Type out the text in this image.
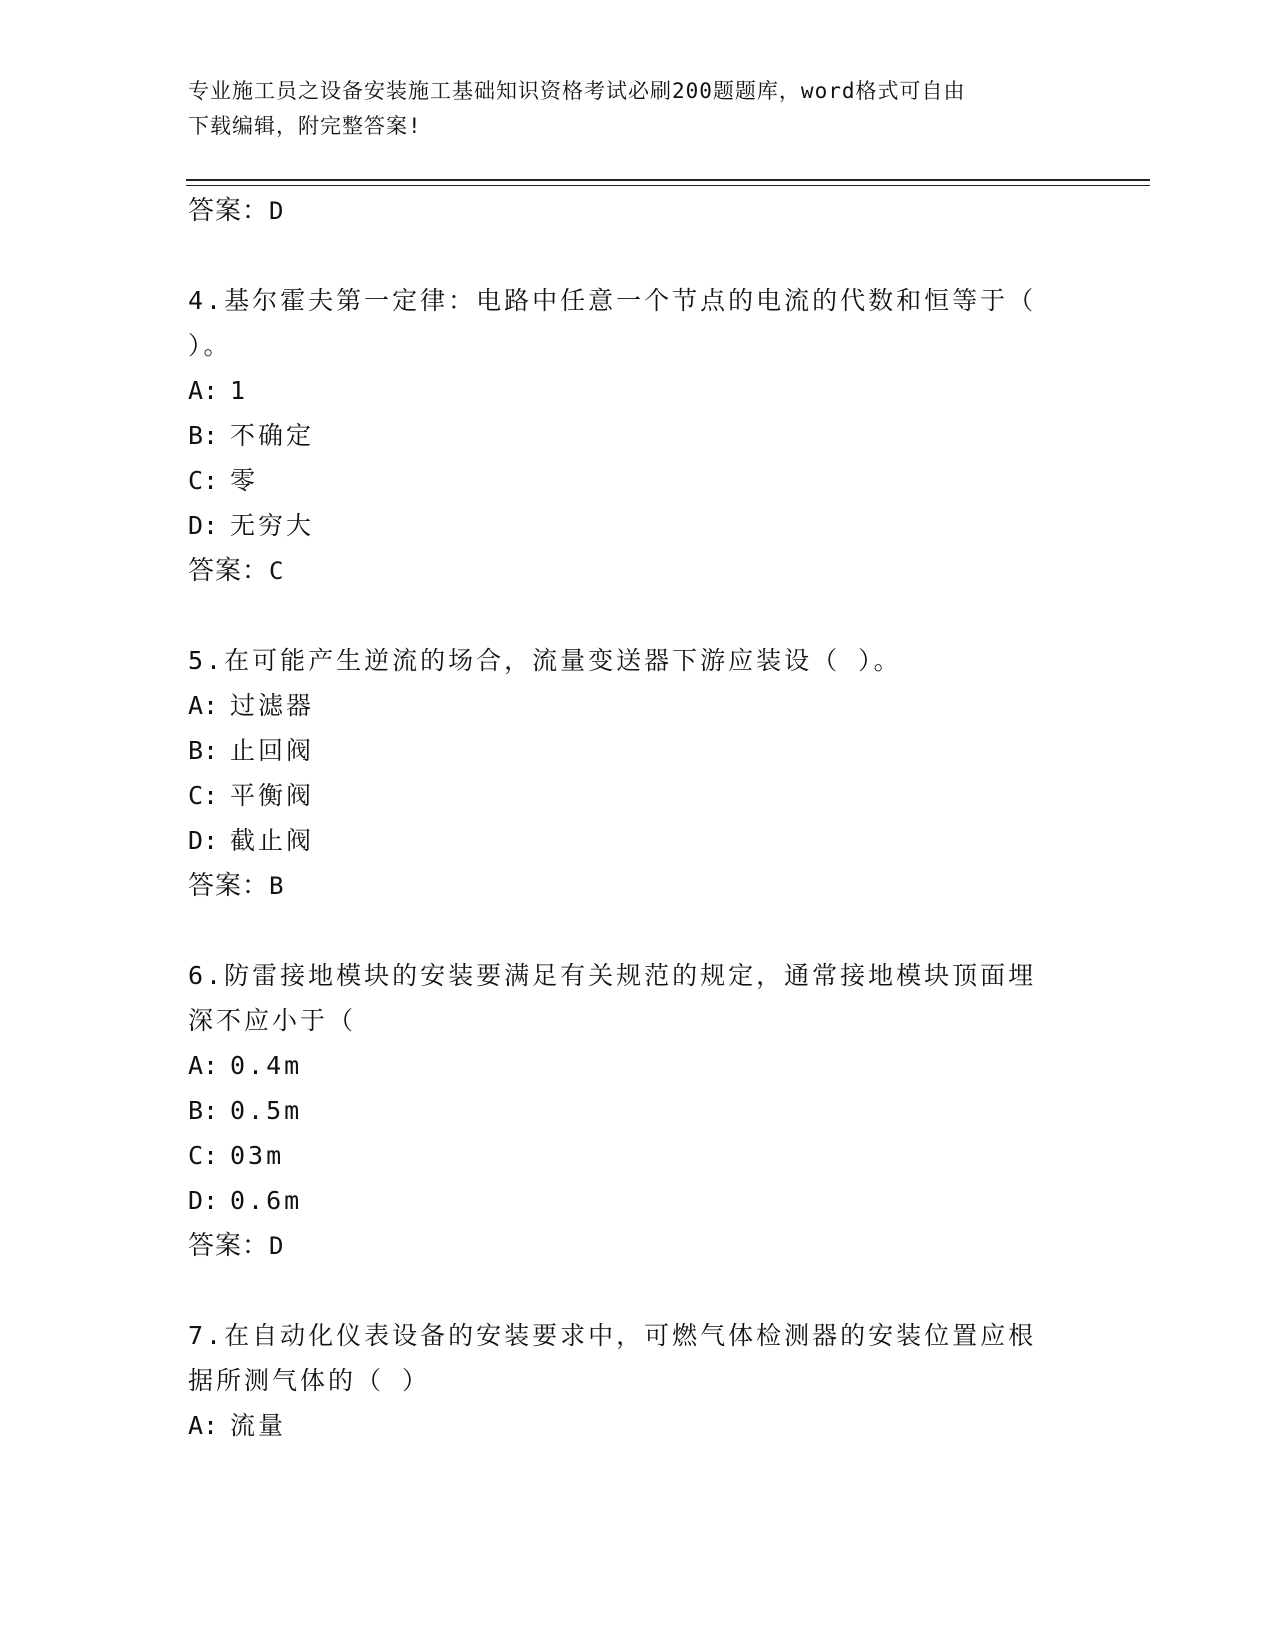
专业施工员之设备安装施工基础知识资格考试必刷200题题库，word格式可自由
下载编辑，附完整答案!
答案：D
4.基尔霍夫第一定律：电路中任意一个节点的电流的代数和恒等于（
）。
A: 1
B: 不确定
C: 零
D: 无穷大
答案：C
5.在可能产生逆流的场合，流量变送器下游应装设（ ）。
A: 过滤器
B: 止回阀
C: 平衡阀
D: 截止阀
答案：B
6.防雷接地模块的安装要满足有关规范的规定，通常接地模块顶面埋
深不应小于（
A: 0.4m
B: 0.5m
C: 03m
D: 0.6m
答案：D
7.在自动化仪表设备的安装要求中，可燃气体检测器的安装位置应根
据所测气体的（ ）
A: 流量
